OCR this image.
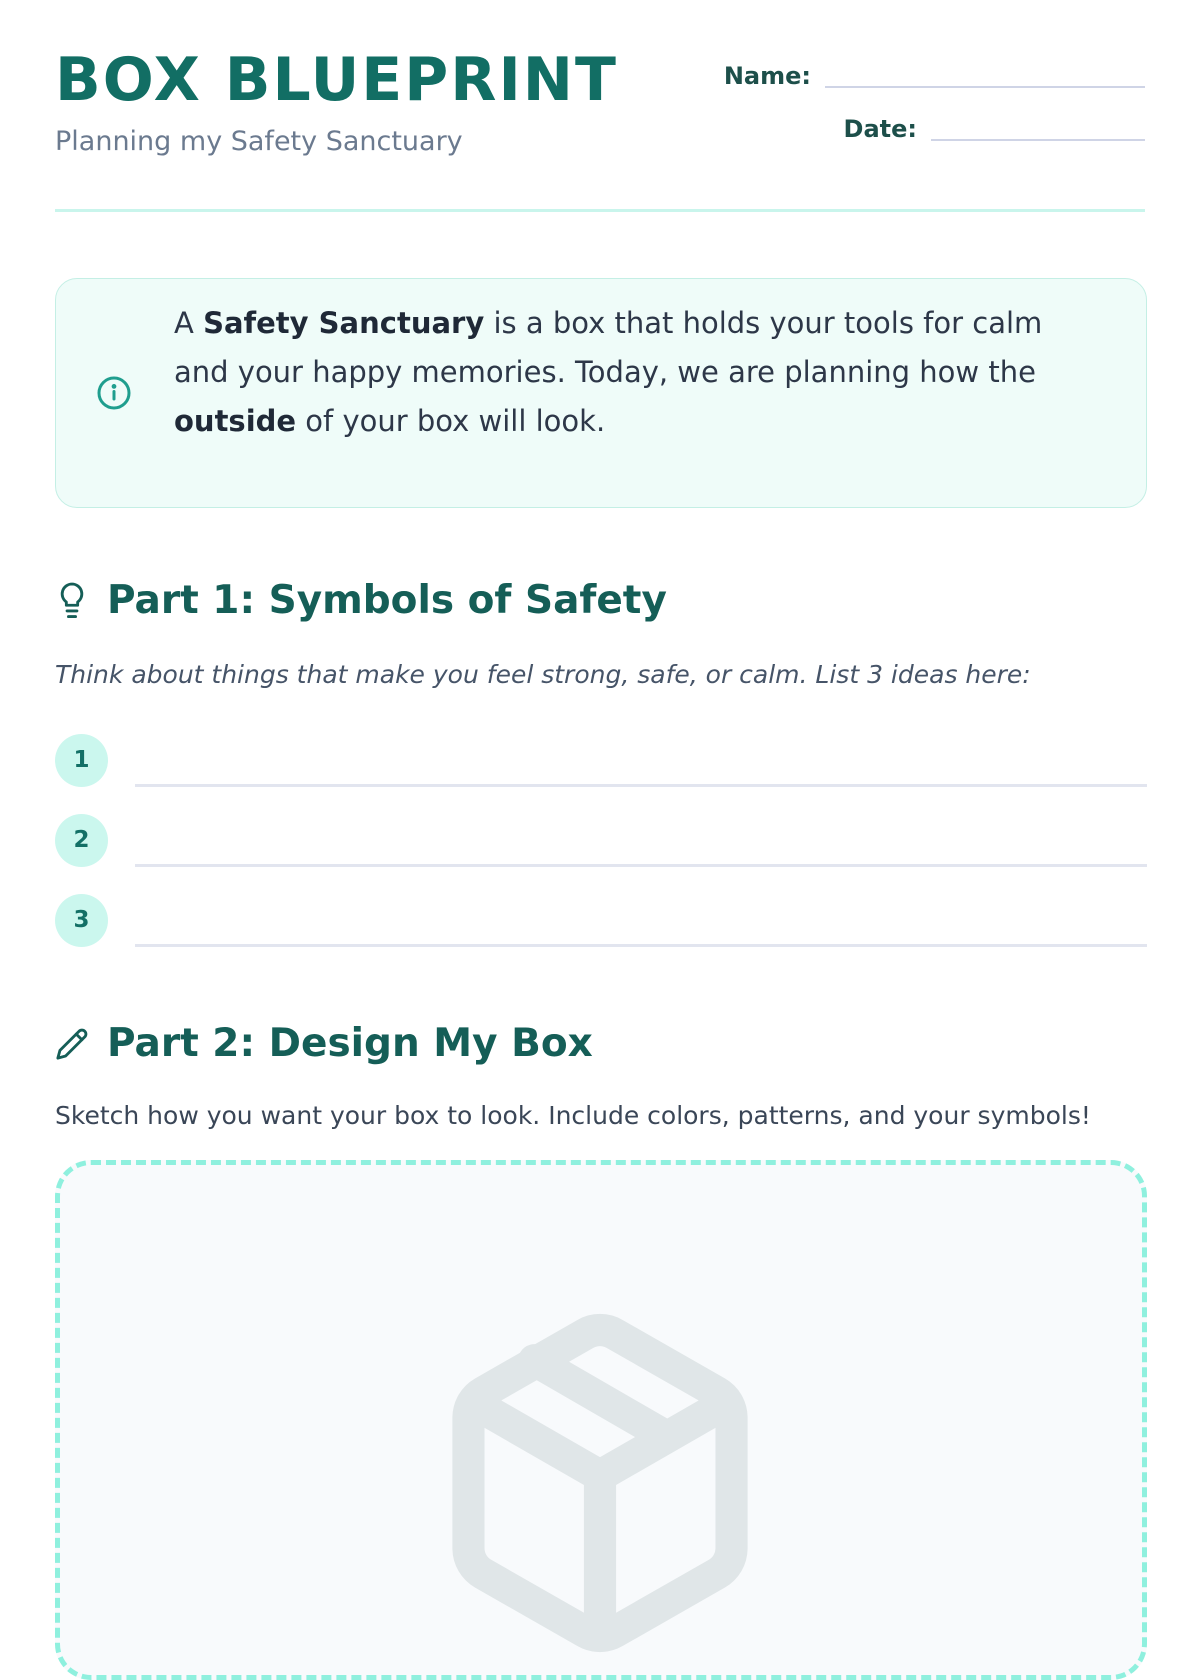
BOX BLUEPRINT

Planning my Safety Sanctuary

Name:
Date:
A Safety Sanctuary is a box that holds your tools for calm and your happy memories. Today, we are planning how the outside of your box will look.
Part 1: Symbols of Safety

Think about things that make you feel strong, safe, or calm. List 3 ideas here:

1
2
3
Part 2: Design My Box

Sketch how you want your box to look. Include colors, patterns, and your symbols!
